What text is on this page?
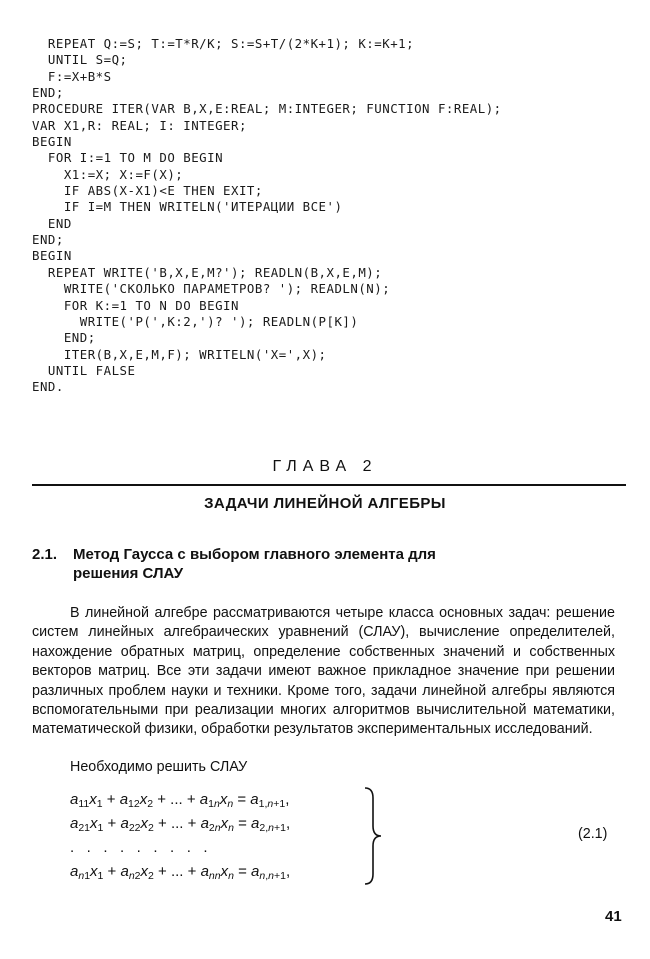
REPEAT Q:=S; T:=T*R/K; S:=S+T/(2*K+1); K:=K+1;
UNTIL S=Q;
F:=X+B*S
END;
PROCEDURE ITER(VAR B,X,E:REAL; M:INTEGER; FUNCTION F:REAL);
VAR X1,R: REAL; I: INTEGER;
BEGIN
FOR I:=1 TO M DO BEGIN
X1:=X; X:=F(X);
IF ABS(X-X1)<E THEN EXIT;
IF I=M THEN WRITELN('ИТЕРАЦИИ ВСЕ')
END
END;
BEGIN
REPEAT WRITE('B,X,E,M?'); READLN(B,X,E,M);
WRITE('СКОЛЬКО ПАРАМЕТРОВ? '); READLN(N);
FOR K:=1 TO N DO BEGIN
WRITE('P(',K:2,')? '); READLN(P[K])
END;
ITER(B,X,E,M,F); WRITELN('X=',X);
UNTIL FALSE
END.
ГЛАВА 2
ЗАДАЧИ ЛИНЕЙНОЙ АЛГЕБРЫ
2.1. Метод Гаусса с выбором главного элемента для
решения СЛАУ

В линейной алгебре рассматриваются четыре класса основных задач: решение систем линейных алгебраических уравнений (СЛАУ), вычисление определителей, нахождение обратных матриц, определение собственных значений и собственных векторов матриц. Все эти задачи имеют важное прикладное значение при решении различных проблем науки и техники. Кроме того, задачи линейной алгебры являются вспомогательными при реализации многих алгоритмов вычислительной математики, математической физики, обработки результатов экспериментальных исследований.

Необходимо решить СЛАУ
$a_{11}x_1 + a_{12}x_2$ + ... + $a_{1n}x_n = a_{1,n+1}$,
$a_{21}x_1 + a_{22}x_2$ + ... + $a_{2n}x_n = a_{2,n+1}$,
.   .   .   .   .   .   .   .   .
$a_{n1}x_1 + a_{n2}x_2$ + ... + $a_{nn}x_n = a_{n,n+1}$,
(2.1)
41
